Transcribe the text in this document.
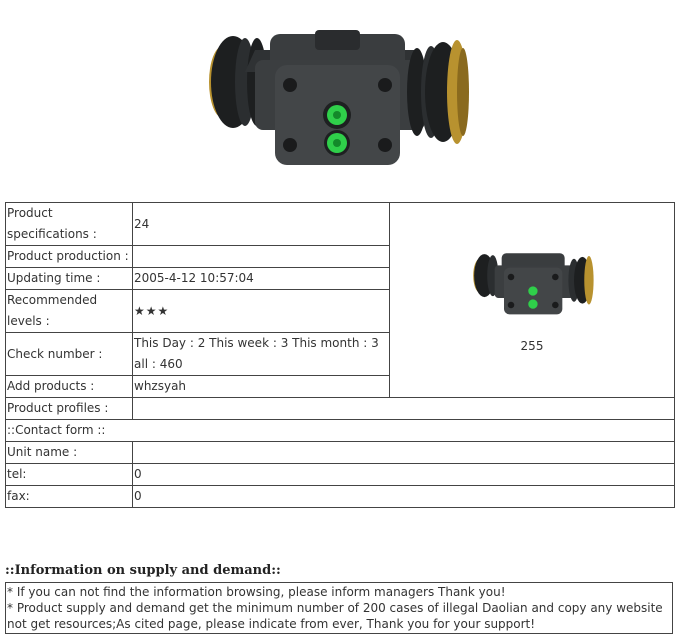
Product specifications :	24	255

Product production :		
Updating time :	2005-4-12 10:57:04	
Recommended levels :	★★★	
Check number :	This Day : 2 This week : 3 This month : 3 all : 460	
Add products :	whzsyah	
Product profiles :		
::Contact form ::		
Unit name :		
tel:	0	
fax:	0	
::Information on supply and demand::
* If you can not find the information browsing, please inform managers Thank you!
* Product supply and demand get the minimum number of 200 cases of illegal Daolian and copy any website not get resources;As cited page, please indicate from ever, Thank you for your support!
